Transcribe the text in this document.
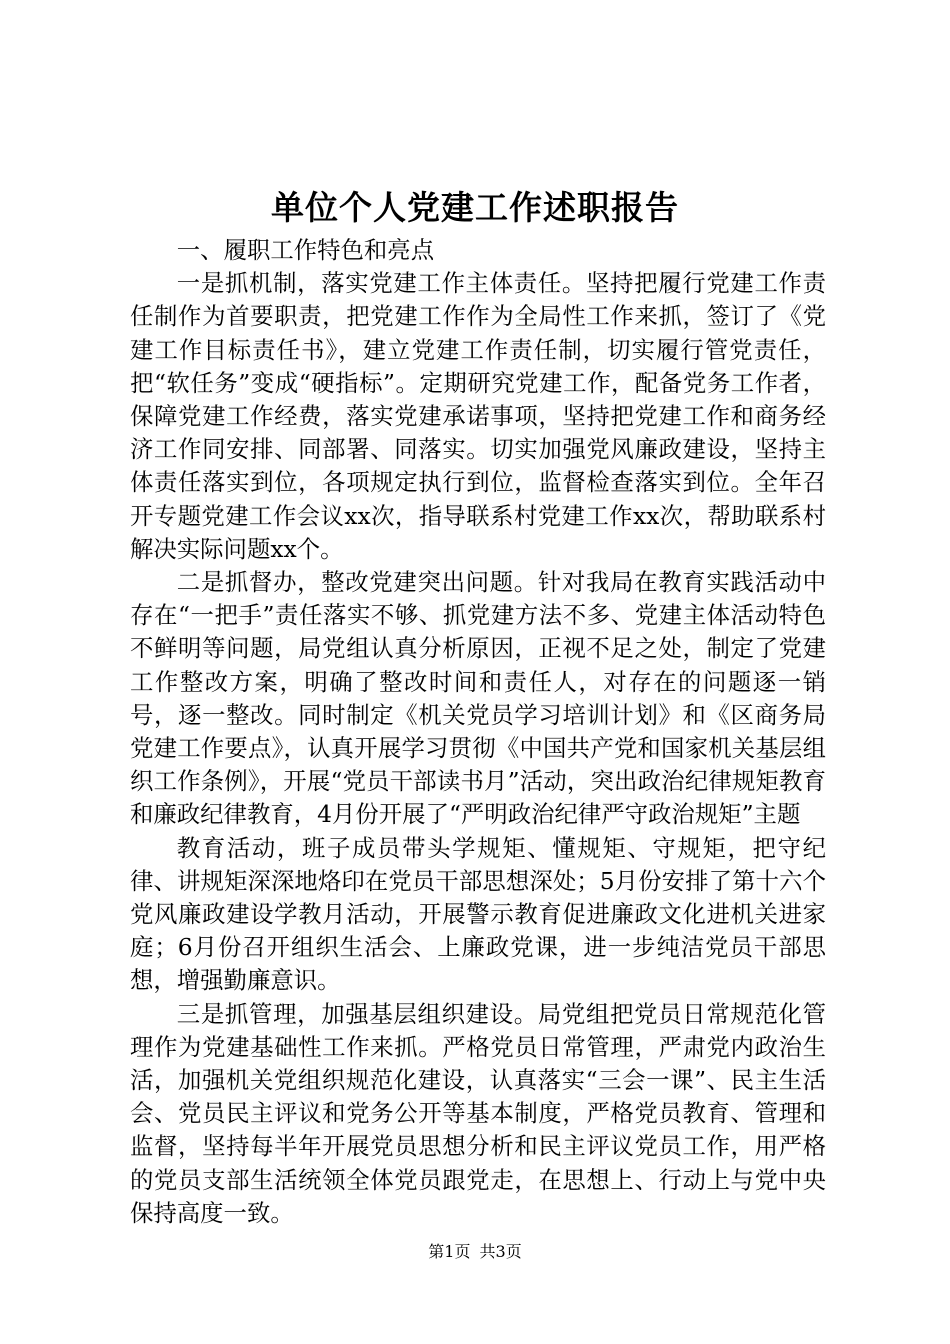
单位个人党建工作述职报告

一、履职工作特色和亮点

一是抓机制，落实党建工作主体责任。坚持把履行党建工作责任制作为首要职责，把党建工作作为全局性工作来抓，签订了《党建工作目标责任书》，建立党建工作责任制，切实履行管党责任，把“软任务”变成“硬指标”。定期研究党建工作，配备党务工作者，保障党建工作经费，落实党建承诺事项，坚持把党建工作和商务经济工作同安排、同部署、同落实。切实加强党风廉政建设，坚持主体责任落实到位，各项规定执行到位，监督检查落实到位。全年召开专题党建工作会议xx次，指导联系村党建工作xx次，帮助联系村解决实际问题xx个。

二是抓督办，整改党建突出问题。针对我局在教育实践活动中存在“一把手”责任落实不够、抓党建方法不多、党建主体活动特色不鲜明等问题，局党组认真分析原因，正视不足之处，制定了党建工作整改方案，明确了整改时间和责任人，对存在的问题逐一销号，逐一整改。同时制定《机关党员学习培训计划》和《区商务局党建工作要点》，认真开展学习贯彻《中国共产党和国家机关基层组织工作条例》，开展“党员干部读书月”活动，突出政治纪律规矩教育和廉政纪律教育，4月份开展了“严明政治纪律严守政治规矩”主题

教育活动，班子成员带头学规矩、懂规矩、守规矩，把守纪律、讲规矩深深地烙印在党员干部思想深处；5月份安排了第十六个党风廉政建设学教月活动，开展警示教育促进廉政文化进机关进家庭；6月份召开组织生活会、上廉政党课，进一步纯洁党员干部思想，增强勤廉意识。

三是抓管理，加强基层组织建设。局党组把党员日常规范化管理作为党建基础性工作来抓。严格党员日常管理，严肃党内政治生活，加强机关党组织规范化建设，认真落实“三会一课”、民主生活会、党员民主评议和党务公开等基本制度，严格党员教育、管理和监督，坚持每半年开展党员思想分析和民主评议党员工作，用严格的党员支部生活统领全体党员跟党走，在思想上、行动上与党中央保持高度一致。

第1页 共3页
